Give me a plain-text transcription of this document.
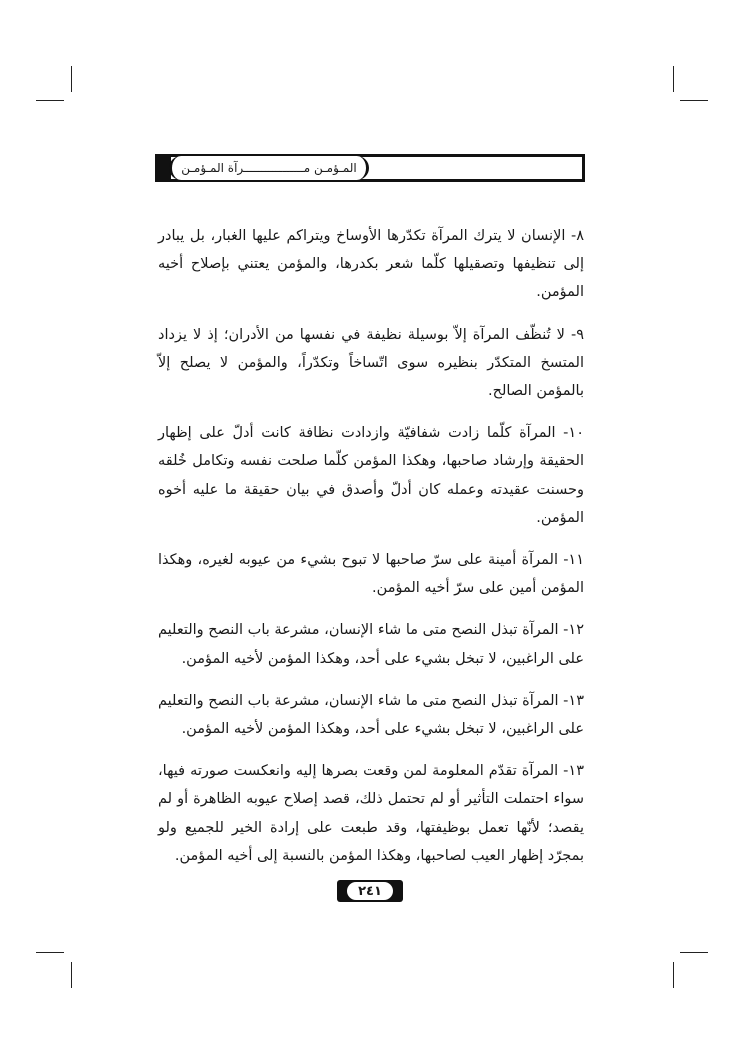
المـؤمـن مـــــــــــــــــرآة المـؤمـن

٨- الإنسان لا يترك المرآة تكدّرها الأوساخ ويتراكم عليها الغبار، بل يبادر إلى تنظيفها وتصقيلها كلّما شعر بكدرها، والمؤمن يعتني بإصلاح أخيه المؤمن.

٩- لا تُنظّف المرآة إلاّ بوسيلة نظيفة في نفسها من الأدران؛ إذ لا يزداد المتسخ المتكدّر بنظيره سوى اتّساخاً وتكدّراً، والمؤمن لا يصلح إلاّ بالمؤمن الصالح.

١٠- المرآة كلّما زادت شفافيّة وازدادت نظافة كانت أدلّ على إظهار الحقيقة وإرشاد صاحبها، وهكذا المؤمن كلّما صلحت نفسه وتكامل خُلقه وحسنت عقيدته وعمله كان أدلّ وأصدق في بيان حقيقة ما عليه أخوه المؤمن.

١١- المرآة أمينة على سرّ صاحبها لا تبوح بشيء من عيوبه لغيره، وهكذا المؤمن أمين على سرّ أخيه المؤمن.

١٢- المرآة تبذل النصح متى ما شاء الإنسان، مشرعة باب النصح والتعليم على الراغبين، لا تبخل بشيء على أحد، وهكذا المؤمن لأخيه المؤمن.

١٣- المرآة تبذل النصح متى ما شاء الإنسان، مشرعة باب النصح والتعليم على الراغبين، لا تبخل بشيء على أحد، وهكذا المؤمن لأخيه المؤمن.

١٣- المرآة تقدّم المعلومة لمن وقعت بصرها إليه وانعكست صورته فيها، سواء احتملت التأثير أو لم تحتمل ذلك، قصد إصلاح عيوبه الظاهرة أو لم يقصد؛ لأنّها تعمل بوظيفتها، وقد طبعت على إرادة الخير للجميع ولو بمجرّد إظهار العيب لصاحبها، وهكذا المؤمن بالنسبة إلى أخيه المؤمن.

٢٤١
